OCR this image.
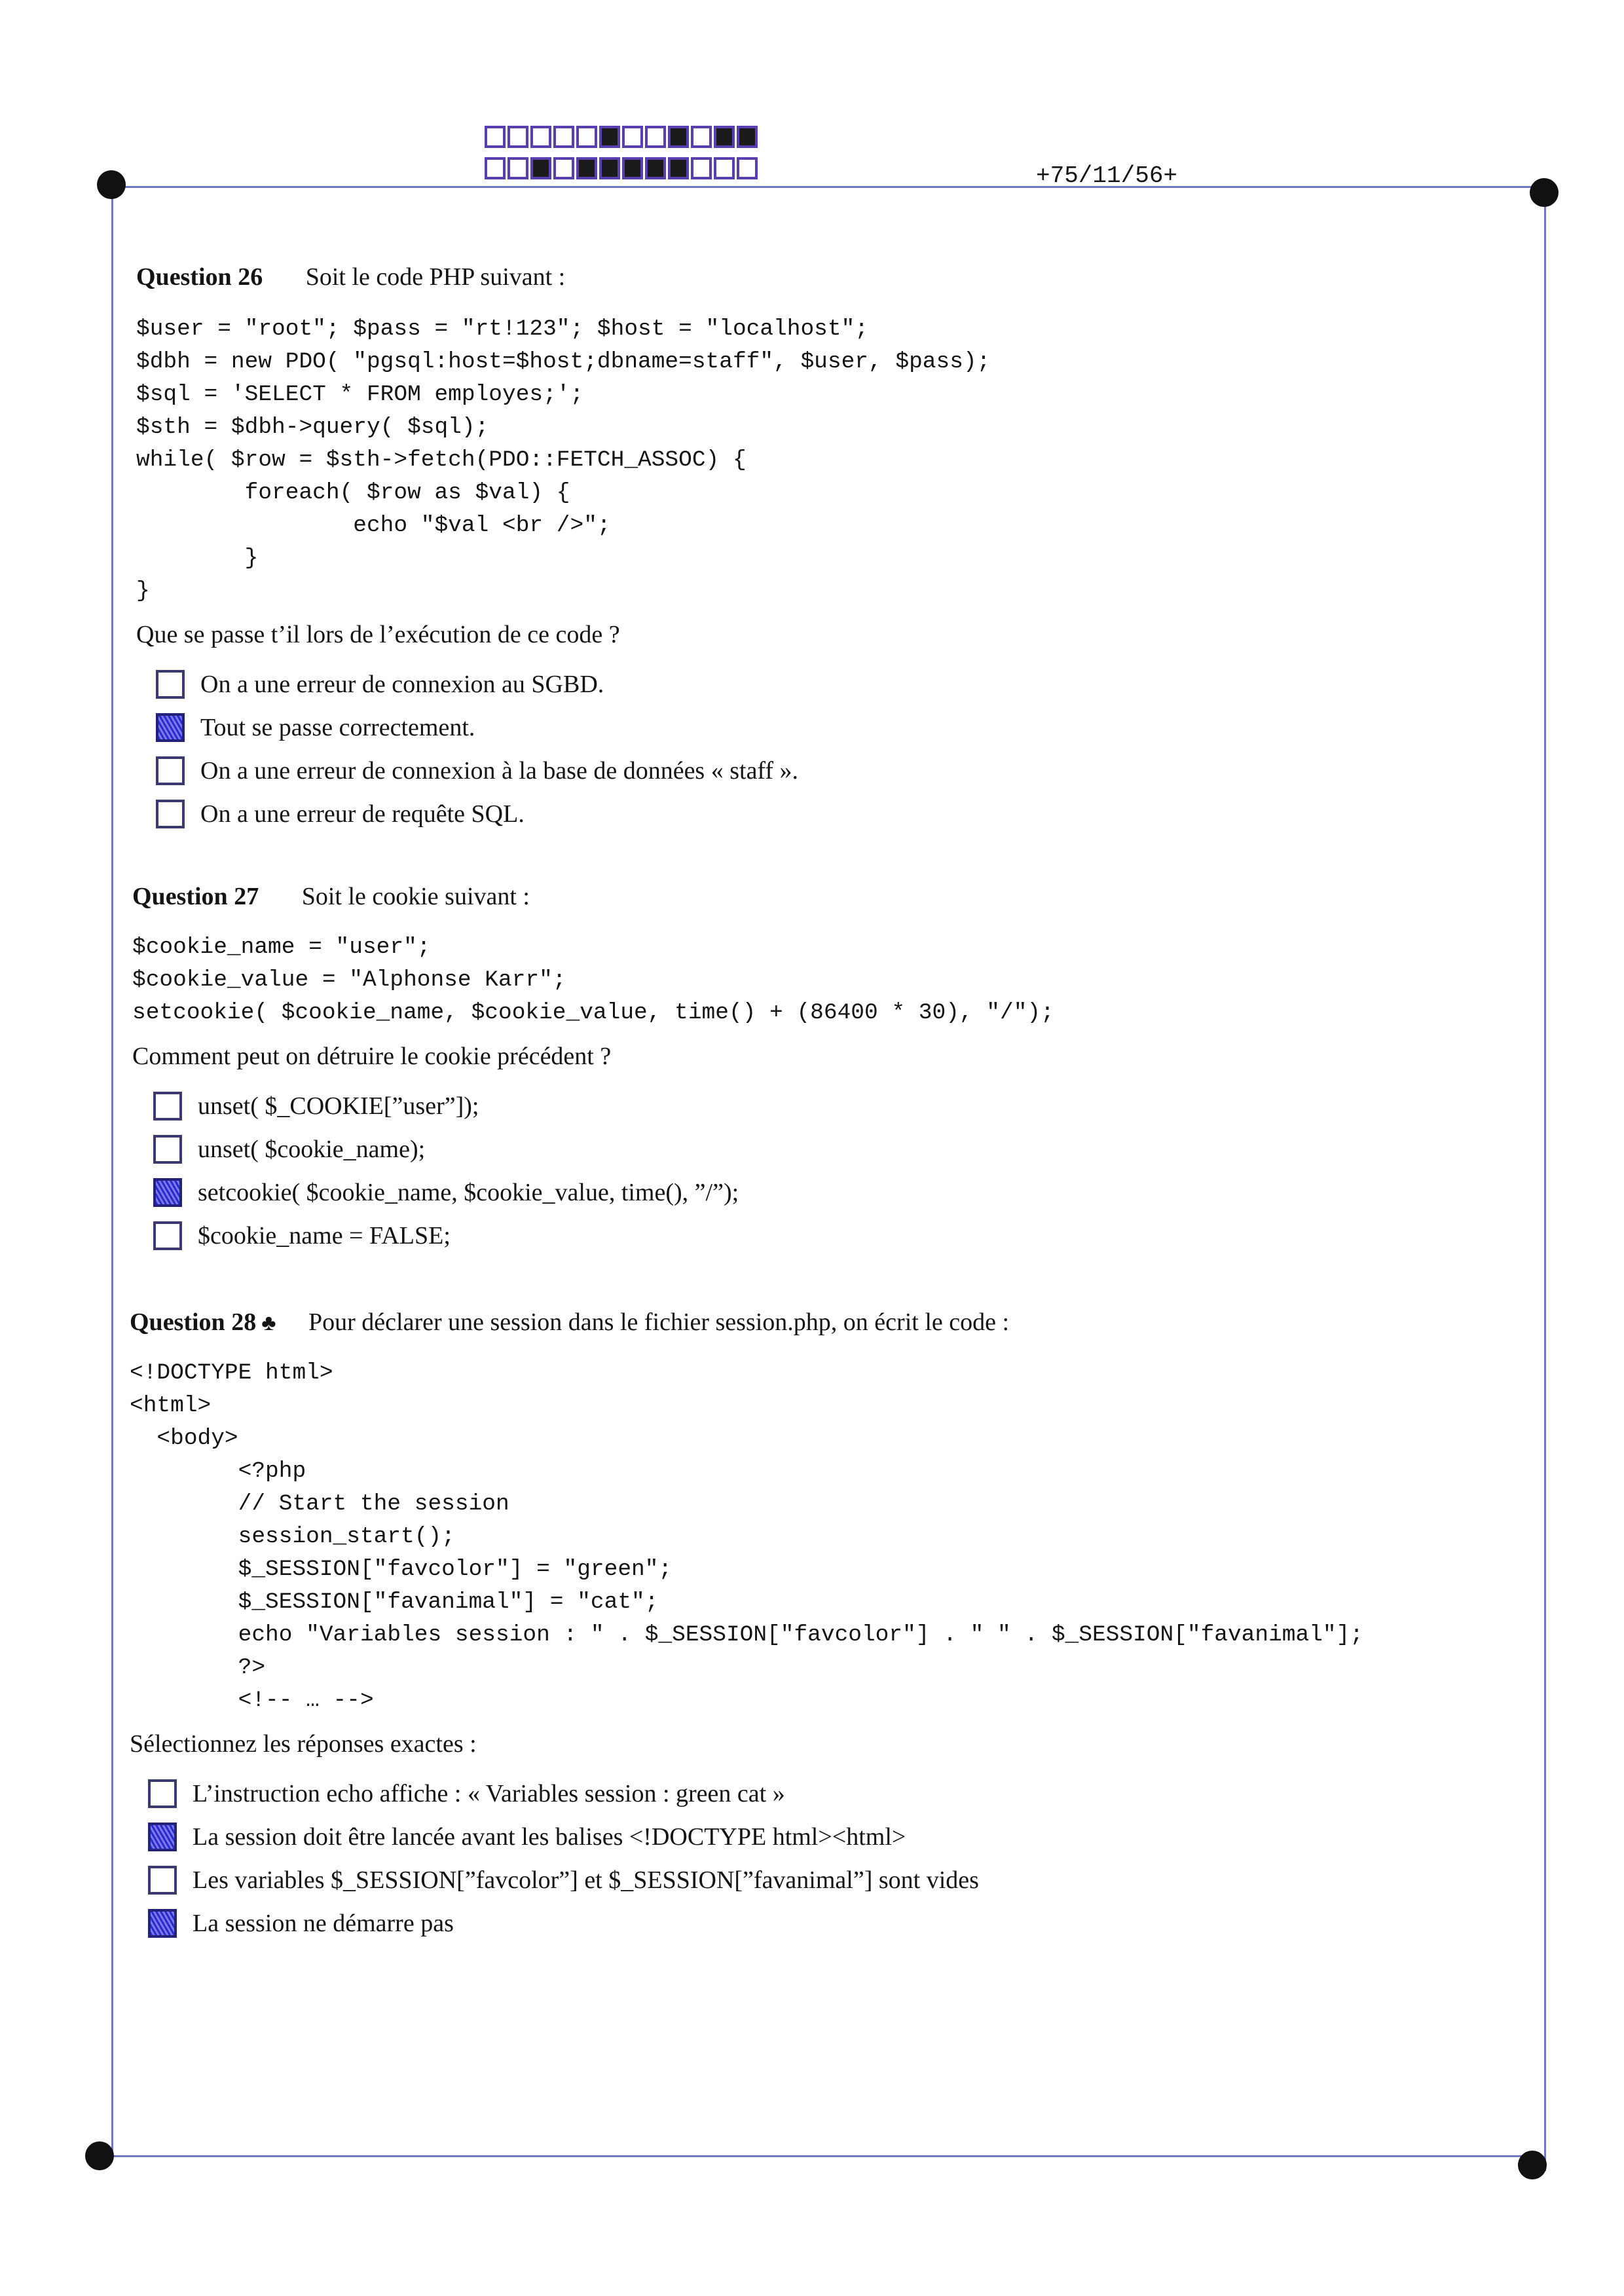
+75/11/56+
Question 26 Soit le code PHP suivant :
$user = "root"; $pass = "rt!123"; $host = "localhost";
$dbh = new PDO( "pgsql:host=$host;dbname=staff", $user, $pass);
$sql = 'SELECT * FROM employes;';
$sth = $dbh->query( $sql);
while( $row = $sth->fetch(PDO::FETCH_ASSOC) {
foreach( $row as $val) {
echo "$val <br />";
}
}
Que se passe t’il lors de l’exécution de ce code ?
On a une erreur de connexion au SGBD.
Tout se passe correctement.
On a une erreur de connexion à la base de données « staff ».
On a une erreur de requête SQL.
Question 27 Soit le cookie suivant :
$cookie_name = "user";
$cookie_value = "Alphonse Karr";
setcookie( $cookie_name, $cookie_value, time() + (86400 * 30), "/");
Comment peut on détruire le cookie précédent ?
unset( $_COOKIE[”user”]);
unset( $cookie_name);
setcookie( $cookie_name, $cookie_value, time(), ”/”);
$cookie_name = FALSE;
Question 28 ♣ Pour déclarer une session dans le fichier session.php, on écrit le code :
<!DOCTYPE html>
<html>
<body>
<?php
// Start the session
session_start();
$_SESSION["favcolor"] = "green";
$_SESSION["favanimal"] = "cat";
echo "Variables session : " . $_SESSION["favcolor"] . " " . $_SESSION["favanimal"];
?>
<!-- … -->
Sélectionnez les réponses exactes :
L’instruction echo affiche : « Variables session : green cat »
La session doit être lancée avant les balises <!DOCTYPE html><html>
Les variables $_SESSION[”favcolor”] et $_SESSION[”favanimal”] sont vides
La session ne démarre pas
